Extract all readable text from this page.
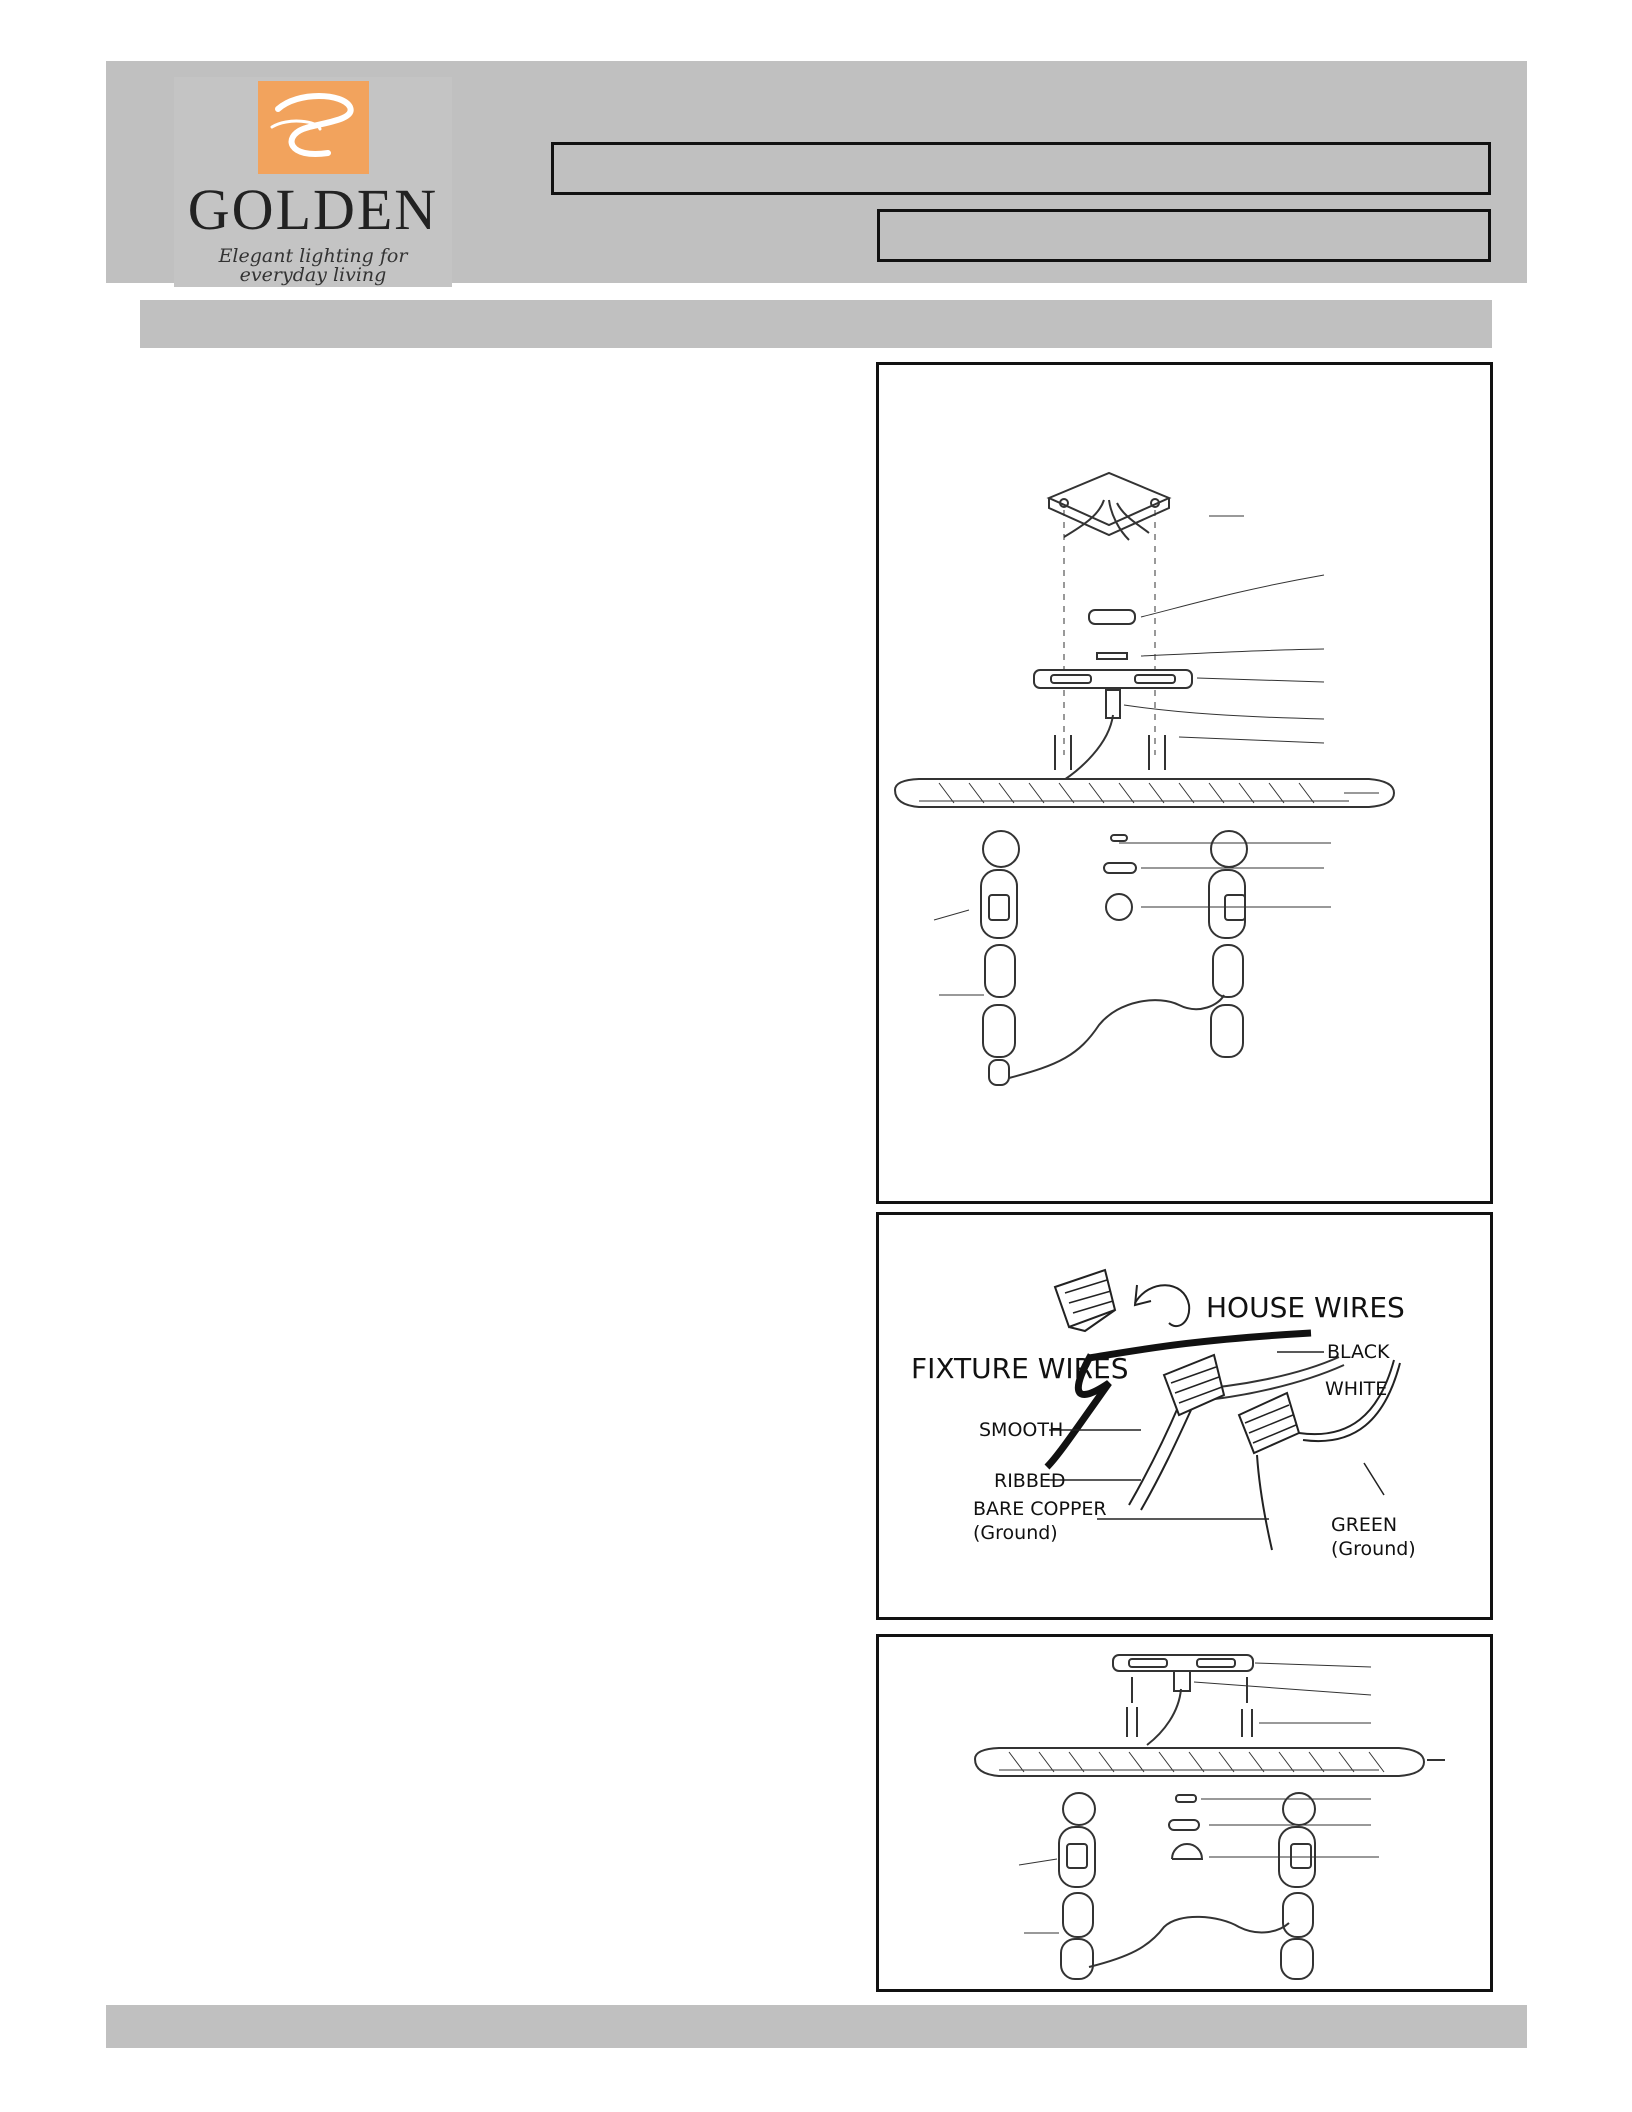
GOLDEN
Elegant lighting for everyday living
HOUSE WIRES
FIXTURE WIRES	BLACK
WHITE
SMOOTH
RIBBED
BARE COPPER
(Ground)	GREEN
(Ground)
